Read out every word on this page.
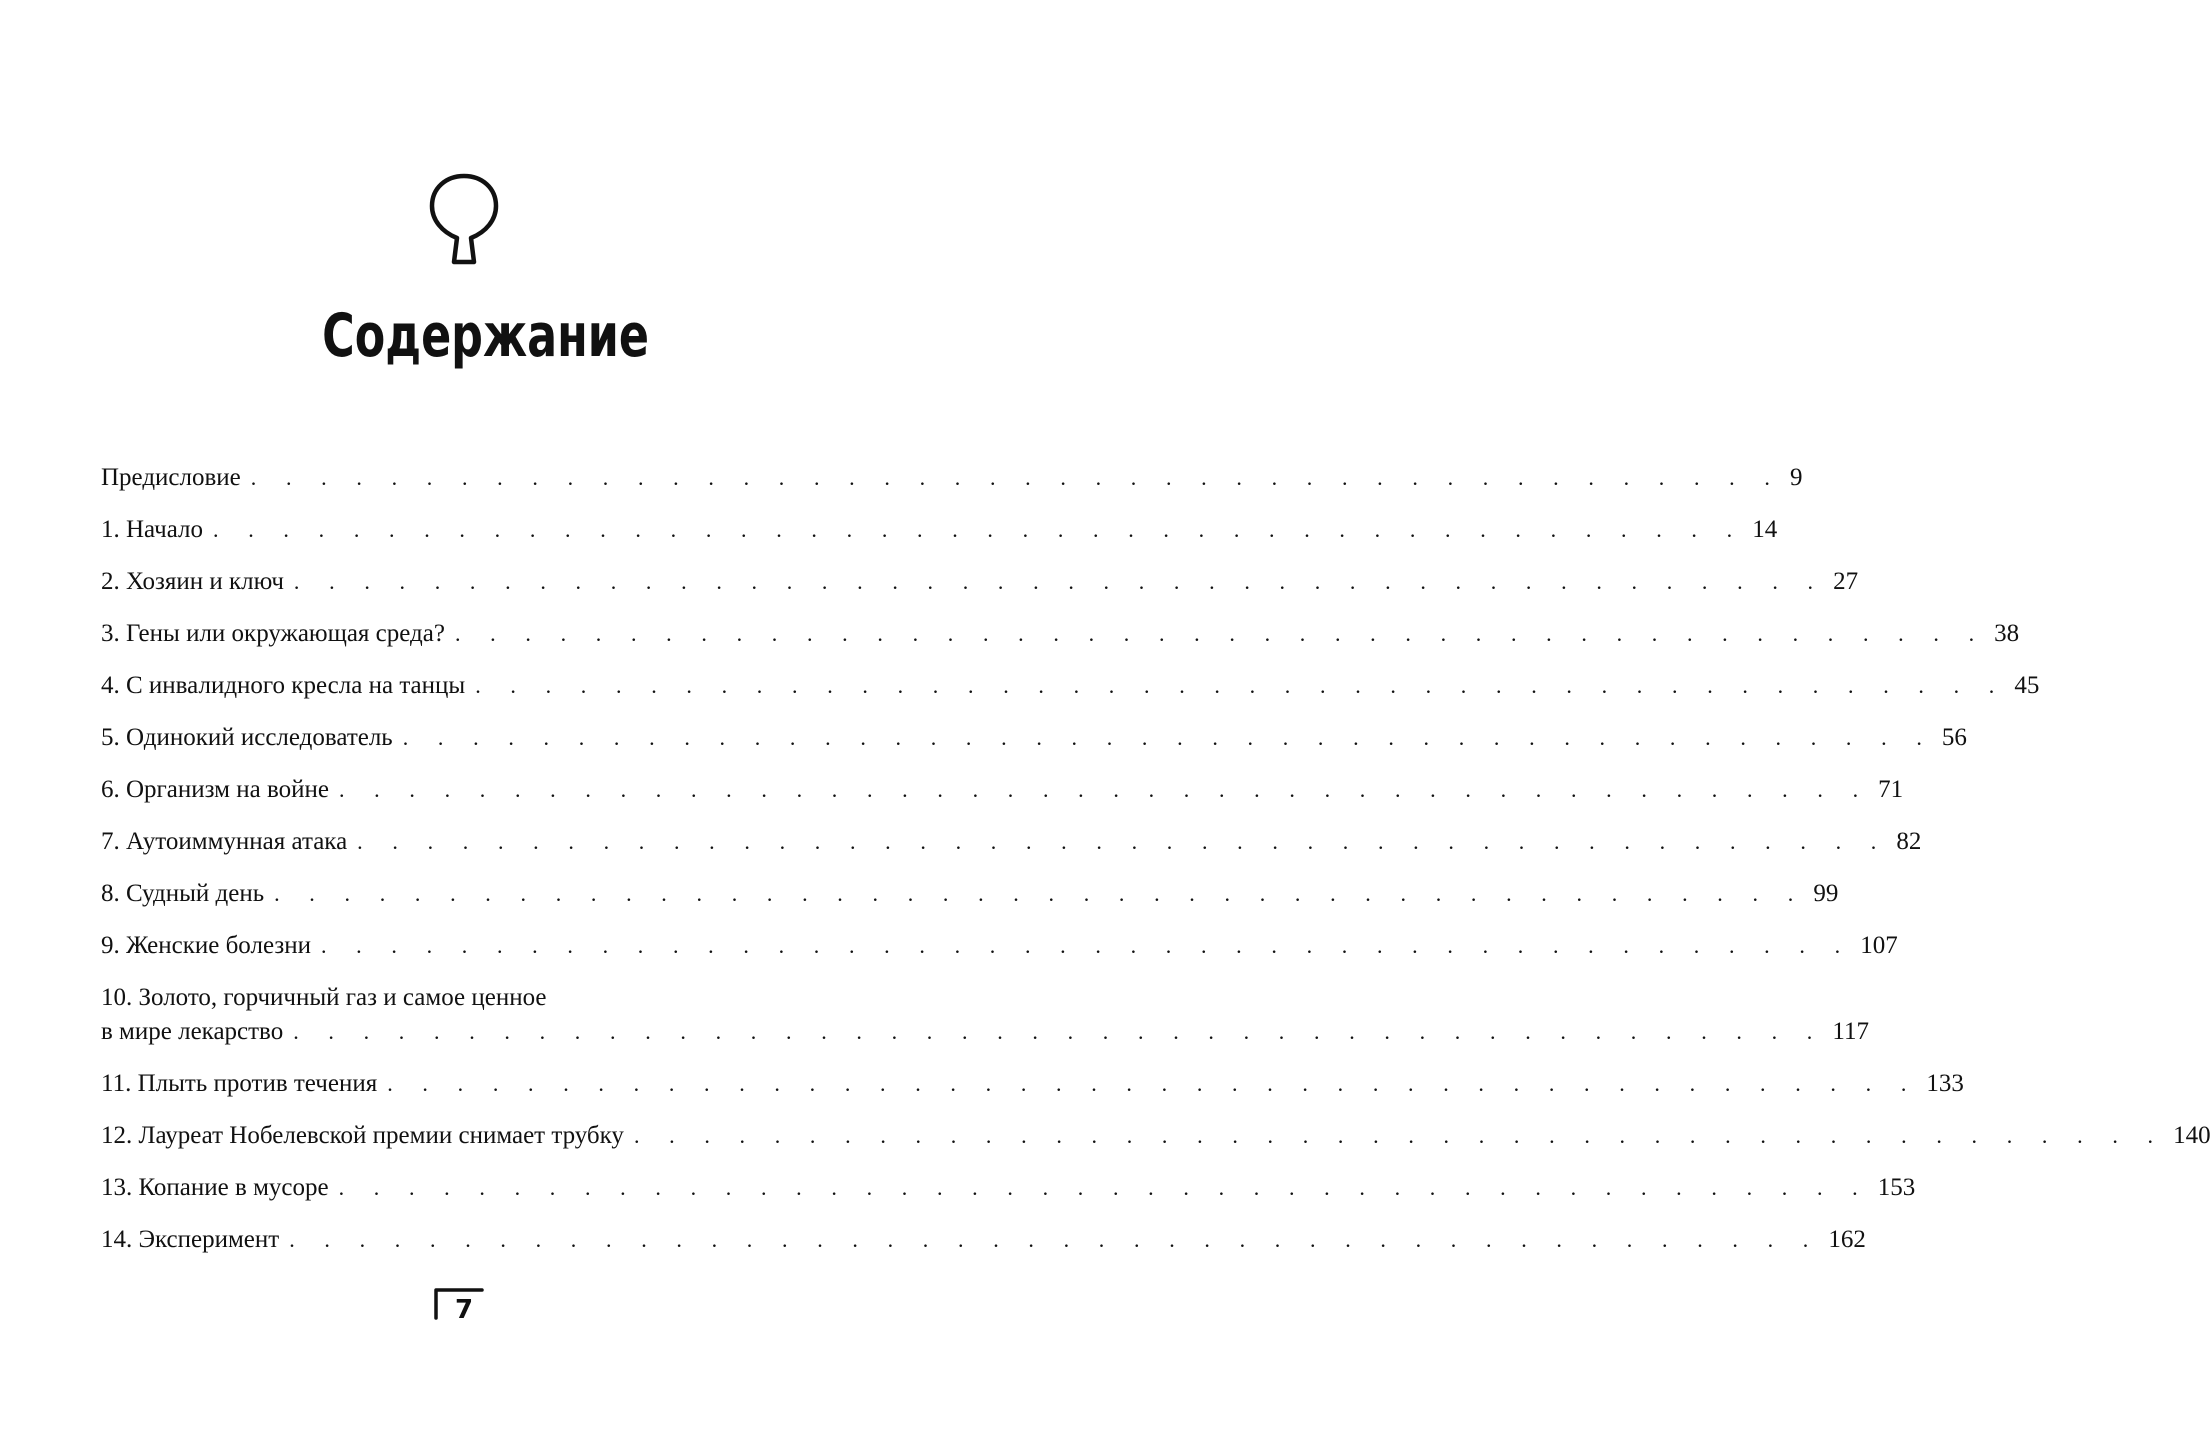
Содержание
Предисловие . . . . . . . . . . . . . . . . . . . . . . . . . . . . . . . . . . . . . . . . . . . . 9
1. Начало . . . . . . . . . . . . . . . . . . . . . . . . . . . . . . . . . . . . . . . . . . . . 14
2. Хозяин и ключ . . . . . . . . . . . . . . . . . . . . . . . . . . . . . . . . . . . . . . . . . . . . 27
3. Гены или окружающая среда? . . . . . . . . . . . . . . . . . . . . . . . . . . . . . . . . . . . . . . . . . . . . 38
4. С инвалидного кресла на танцы . . . . . . . . . . . . . . . . . . . . . . . . . . . . . . . . . . . . . . . . . . . . 45
5. Одинокий исследователь . . . . . . . . . . . . . . . . . . . . . . . . . . . . . . . . . . . . . . . . . . . . 56
6. Организм на войне . . . . . . . . . . . . . . . . . . . . . . . . . . . . . . . . . . . . . . . . . . . . 71
7. Аутоиммунная атака . . . . . . . . . . . . . . . . . . . . . . . . . . . . . . . . . . . . . . . . . . . . 82
8. Судный день . . . . . . . . . . . . . . . . . . . . . . . . . . . . . . . . . . . . . . . . . . . . 99
9. Женские болезни . . . . . . . . . . . . . . . . . . . . . . . . . . . . . . . . . . . . . . . . . . . . 107
10. Золото, горчичный газ и самое ценное
в мире лекарство . . . . . . . . . . . . . . . . . . . . . . . . . . . . . . . . . . . . . . . . . . . . 117
11. Плыть против течения . . . . . . . . . . . . . . . . . . . . . . . . . . . . . . . . . . . . . . . . . . . . 133
12. Лауреат Нобелевской премии снимает трубку . . . . . . . . . . . . . . . . . . . . . . . . . . . . . . . . . . . . . . . . . . . . 140
13. Копание в мусоре . . . . . . . . . . . . . . . . . . . . . . . . . . . . . . . . . . . . . . . . . . . . 153
14. Эксперимент . . . . . . . . . . . . . . . . . . . . . . . . . . . . . . . . . . . . . . . . . . . . 162
7
